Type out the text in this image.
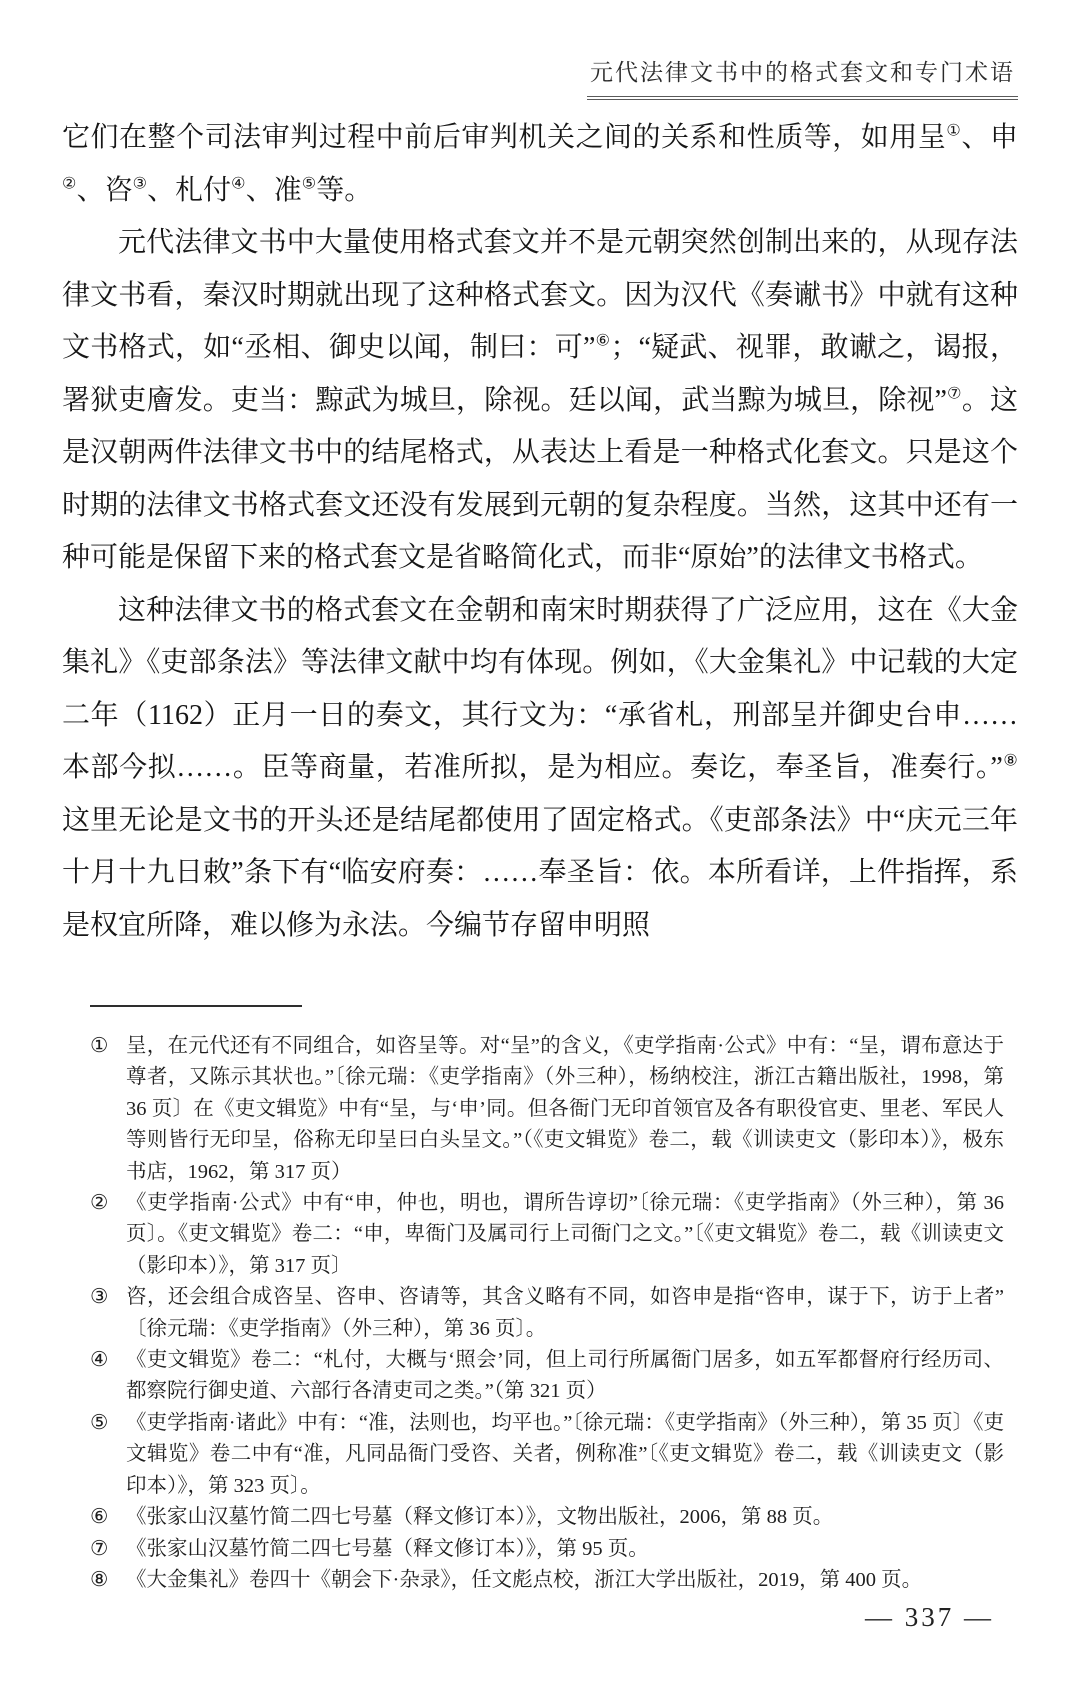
元代法律文书中的格式套文和专门术语

它们在整个司法审判过程中前后审判机关之间的关系和性质等，如用呈①、申②、咨③、札付④、准⑤等。

元代法律文书中大量使用格式套文并不是元朝突然创制出来的，从现存法律文书看，秦汉时期就出现了这种格式套文。因为汉代《奏谳书》中就有这种文书格式，如“丞相、御史以闻，制曰：可”⑥；“疑武、视罪，敢谳之，谒报，署狱吏廥发。吏当：黥武为城旦，除视。廷以闻，武当黥为城旦，除视”⑦。这是汉朝两件法律文书中的结尾格式，从表达上看是一种格式化套文。只是这个时期的法律文书格式套文还没有发展到元朝的复杂程度。当然，这其中还有一种可能是保留下来的格式套文是省略简化式，而非“原始”的法律文书格式。

这种法律文书的格式套文在金朝和南宋时期获得了广泛应用，这在《大金集礼》《吏部条法》等法律文献中均有体现。例如，《大金集礼》中记载的大定二年（1162）正月一日的奏文，其行文为：“承省札，刑部呈并御史台申……本部今拟……。臣等商量，若准所拟，是为相应。奏讫，奉圣旨，准奏行。”⑧ 这里无论是文书的开头还是结尾都使用了固定格式。《吏部条法》中“庆元三年十月十九日敕”条下有“临安府奏：……奉圣旨：依。本所看详，上件指挥，系是权宜所降，难以修为永法。今编节存留申明照

① 呈，在元代还有不同组合，如咨呈等。对“呈”的含义，《吏学指南·公式》中有：“呈，谓布意达于尊者，又陈示其状也。”〔徐元瑞：《吏学指南》（外三种），杨纳校注，浙江古籍出版社，1998，第 36 页〕在《吏文辑览》中有“呈，与‘申’同。但各衙门无印首领官及各有职役官吏、里老、军民人等则皆行无印呈，俗称无印呈曰白头呈文。”（《吏文辑览》卷二，载《训读吏文（影印本）》，极东书店，1962，第 317 页）
② 《吏学指南·公式》中有“申，仲也，明也，谓所告谆切”〔徐元瑞：《吏学指南》（外三种），第 36 页〕。《吏文辑览》卷二：“申，卑衙门及属司行上司衙门之文。”〔《吏文辑览》卷二，载《训读吏文（影印本）》，第 317 页〕
③ 咨，还会组合成咨呈、咨申、咨请等，其含义略有不同，如咨申是指“咨申，谋于下，访于上者”〔徐元瑞：《吏学指南》（外三种），第 36 页〕。
④ 《吏文辑览》卷二：“札付，大概与‘照会’同，但上司行所属衙门居多，如五军都督府行经历司、都察院行御史道、六部行各清吏司之类。”（第 321 页）
⑤ 《吏学指南·诸此》中有：“准，法则也，均平也。”〔徐元瑞：《吏学指南》（外三种），第 35 页〕《吏文辑览》卷二中有“准，凡同品衙门受咨、关者，例称准”〔《吏文辑览》卷二，载《训读吏文（影印本）》，第 323 页〕。
⑥ 《张家山汉墓竹简二四七号墓（释文修订本）》，文物出版社，2006，第 88 页。
⑦ 《张家山汉墓竹简二四七号墓（释文修订本）》，第 95 页。
⑧ 《大金集礼》卷四十《朝会下·杂录》，任文彪点校，浙江大学出版社，2019，第 400 页。
— 337 —
